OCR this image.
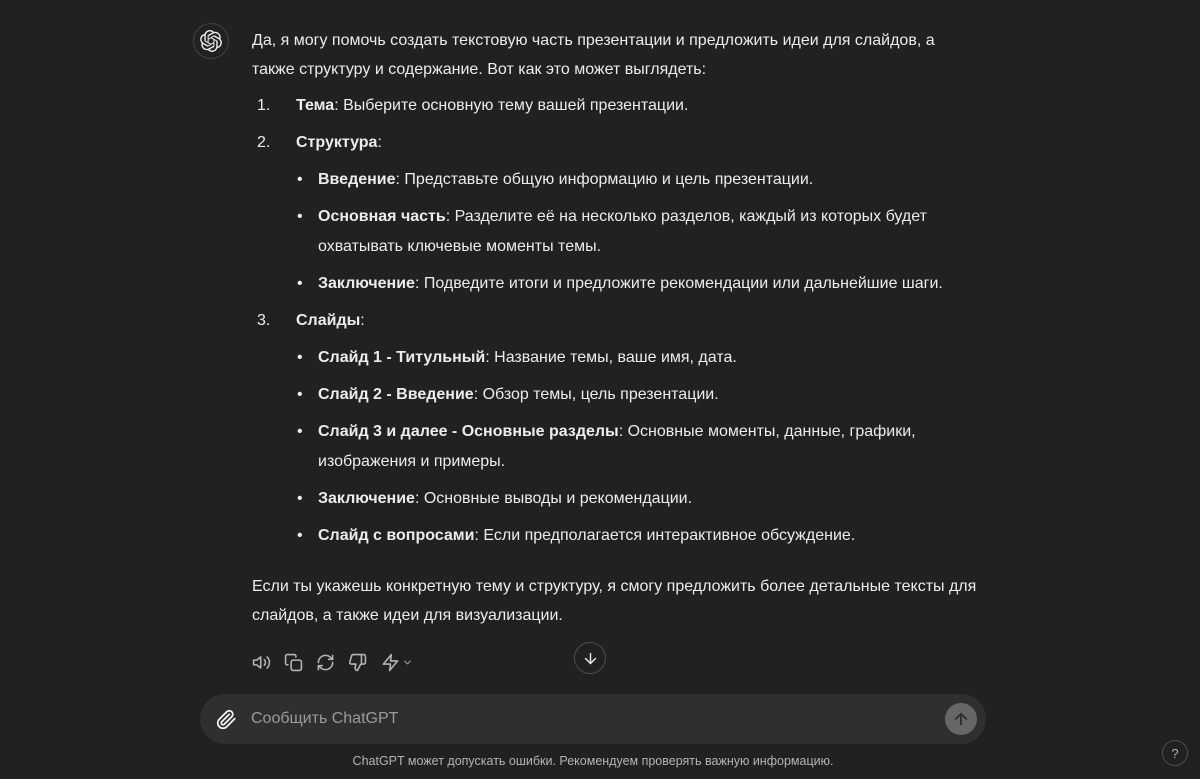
Да, я могу помочь создать текстовую часть презентации и предложить идеи для слайдов, а также структуру и содержание. Вот как это может выглядеть:

1. Тема: Выберите основную тему вашей презентации.
2. Структура:
• Введение: Представьте общую информацию и цель презентации.
• Основная часть: Разделите её на несколько разделов, каждый из которых будет охватывать ключевые моменты темы.
• Заключение: Подведите итоги и предложите рекомендации или дальнейшие шаги.
3. Слайды:
• Слайд 1 - Титульный: Название темы, ваше имя, дата.
• Слайд 2 - Введение: Обзор темы, цель презентации.
• Слайд 3 и далее - Основные разделы: Основные моменты, данные, графики, изображения и примеры.
• Заключение: Основные выводы и рекомендации.
• Слайд с вопросами: Если предполагается интерактивное обсуждение.

Если ты укажешь конкретную тему и структуру, я смогу предложить более детальные тексты для слайдов, а также идеи для визуализации.

Сообщить ChatGPT
ChatGPT может допускать ошибки. Рекомендуем проверять важную информацию.
?
